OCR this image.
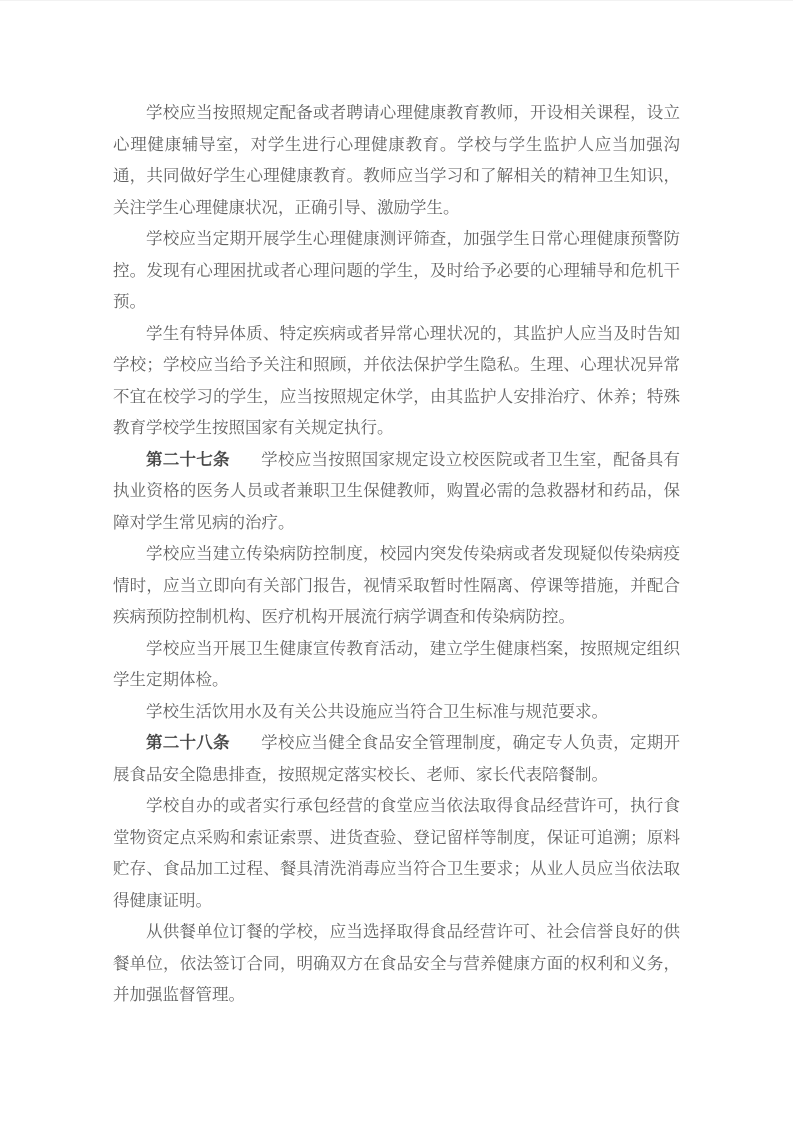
学校应当按照规定配备或者聘请心理健康教育教师，开设相关课程，设立心理健康辅导室，对学生进行心理健康教育。学校与学生监护人应当加强沟通，共同做好学生心理健康教育。教师应当学习和了解相关的精神卫生知识，关注学生心理健康状况，正确引导、激励学生。

学校应当定期开展学生心理健康测评筛查，加强学生日常心理健康预警防控。发现有心理困扰或者心理问题的学生，及时给予必要的心理辅导和危机干预。

学生有特异体质、特定疾病或者异常心理状况的，其监护人应当及时告知学校；学校应当给予关注和照顾，并依法保护学生隐私。生理、心理状况异常不宜在校学习的学生，应当按照规定休学，由其监护人安排治疗、休养；特殊教育学校学生按照国家有关规定执行。

第二十七条 学校应当按照国家规定设立校医院或者卫生室，配备具有执业资格的医务人员或者兼职卫生保健教师，购置必需的急救器材和药品，保障对学生常见病的治疗。

学校应当建立传染病防控制度，校园内突发传染病或者发现疑似传染病疫情时，应当立即向有关部门报告，视情采取暂时性隔离、停课等措施，并配合疾病预防控制机构、医疗机构开展流行病学调查和传染病防控。

学校应当开展卫生健康宣传教育活动，建立学生健康档案，按照规定组织学生定期体检。

学校生活饮用水及有关公共设施应当符合卫生标准与规范要求。

第二十八条 学校应当健全食品安全管理制度，确定专人负责，定期开展食品安全隐患排查，按照规定落实校长、老师、家长代表陪餐制。

学校自办的或者实行承包经营的食堂应当依法取得食品经营许可，执行食堂物资定点采购和索证索票、进货查验、登记留样等制度，保证可追溯；原料贮存、食品加工过程、餐具清洗消毒应当符合卫生要求；从业人员应当依法取得健康证明。

从供餐单位订餐的学校，应当选择取得食品经营许可、社会信誉良好的供餐单位，依法签订合同，明确双方在食品安全与营养健康方面的权利和义务，并加强监督管理。
